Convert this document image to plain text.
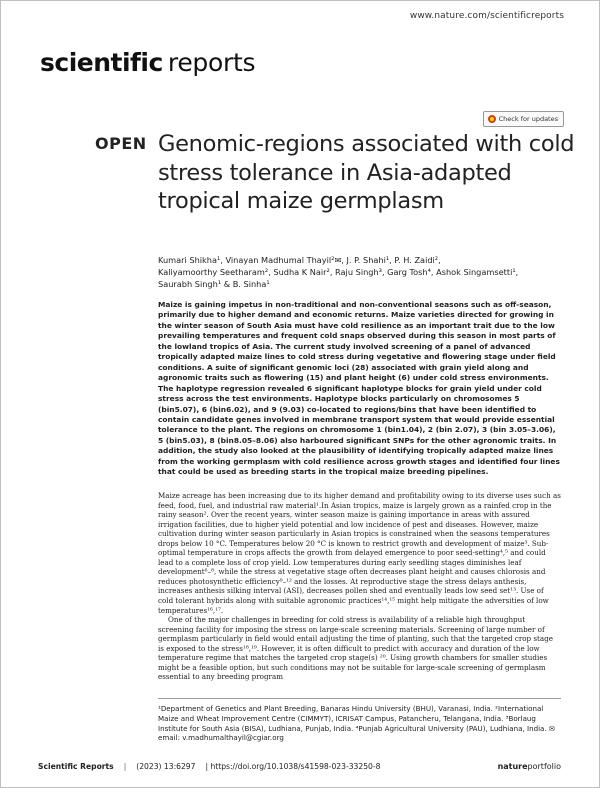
www.nature.com/scientificreports
scientific reports
Check for updates
OPEN Genomic-regions associated with cold stress tolerance in Asia-adapted tropical maize germplasm

Kumari Shikha¹, Vinayan Madhumal Thayil²✉, J. P. Shahi¹, P. H. Zaidi²,

Kaliyamoorthy Seetharam², Sudha K Nair², Raju Singh³, Garg Tosh⁴, Ashok Singamsetti¹,

Saurabh Singh¹ & B. Sinha¹

Maize is gaining impetus in non-traditional and non-conventional seasons such as off-season, primarily due to higher demand and economic returns. Maize varieties directed for growing in the winter season of South Asia must have cold resilience as an important trait due to the low prevailing temperatures and frequent cold snaps observed during this season in most parts of the lowland tropics of Asia. The current study involved screening of a panel of advanced tropically adapted maize lines to cold stress during vegetative and flowering stage under field conditions. A suite of significant genomic loci (28) associated with grain yield along and agronomic traits such as flowering (15) and plant height (6) under cold stress environments. The haplotype regression revealed 6 significant haplotype blocks for grain yield under cold stress across the test environments. Haplotype blocks particularly on chromosomes 5 (bin5.07), 6 (bin6.02), and 9 (9.03) co-located to regions/bins that have been identified to contain candidate genes involved in membrane transport system that would provide essential tolerance to the plant. The regions on chromosome 1 (bin1.04), 2 (bin 2.07), 3 (bin 3.05–3.06), 5 (bin5.03), 8 (bin8.05–8.06) also harboured significant SNPs for the other agronomic traits. In addition, the study also looked at the plausibility of identifying tropically adapted maize lines from the working germplasm with cold resilience across growth stages and identified four lines that could be used as breeding starts in the tropical maize breeding pipelines.

Maize acreage has been increasing due to its higher demand and profitability owing to its diverse uses such as feed, food, fuel, and industrial raw material¹.In Asian tropics, maize is largely grown as a rainfed crop in the rainy season². Over the recent years, winter season maize is gaining importance in areas with assured irrigation facilities, due to higher yield potential and low incidence of pest and diseases. However, maize cultivation during winter season particularly in Asian tropics is constrained when the seasons temperatures drops below 10 °C. Temperatures below 20 °C is known to restrict growth and development of maize³. Sub-optimal temperature in crops affects the growth from delayed emergence to poor seed-setting⁴,⁵ and could lead to a complete loss of crop yield. Low temperatures during early seedling stages diminishes leaf development⁶–⁸, while the stress at vegetative stage often decreases plant height and causes chlorosis and reduces photosynthetic efficiency⁹–¹² and the losses. At reproductive stage the stress delays anthesis, increases anthesis silking interval (ASI), decreases pollen shed and eventually leads low seed set¹³. Use of cold tolerant hybrids along with suitable agronomic practices¹⁴,¹⁵ might help mitigate the adversities of low temperatures¹⁶,¹⁷.

One of the major challenges in breeding for cold stress is availability of a reliable high throughput screening facility for imposing the stress on large-scale screening materials. Screening of large number of germplasm particularly in field would entail adjusting the time of planting, such that the targeted crop stage is exposed to the stress¹⁸,¹⁹. However, it is often difficult to predict with accuracy and duration of the low temperature regime that matches the targeted crop stage(s) ²⁰. Using growth chambers for smaller studies might be a feasible option, but such conditions may not be suitable for large-scale screening of germplasm essential to any breeding program

¹Department of Genetics and Plant Breeding, Banaras Hindu University (BHU), Varanasi, India. ²International Maize and Wheat Improvement Centre (CIMMYT), ICRISAT Campus, Patancheru, Telangana, India. ³Borlaug Institute for South Asia (BISA), Ludhiana, Punjab, India. ⁴Punjab Agricultural University (PAU), Ludhiana, India. ✉email: v.madhumalthayil@cgiar.org

Scientific Reports | (2023) 13:6297 | https://doi.org/10.1038/s41598-023-33250-8	natureportfolio
